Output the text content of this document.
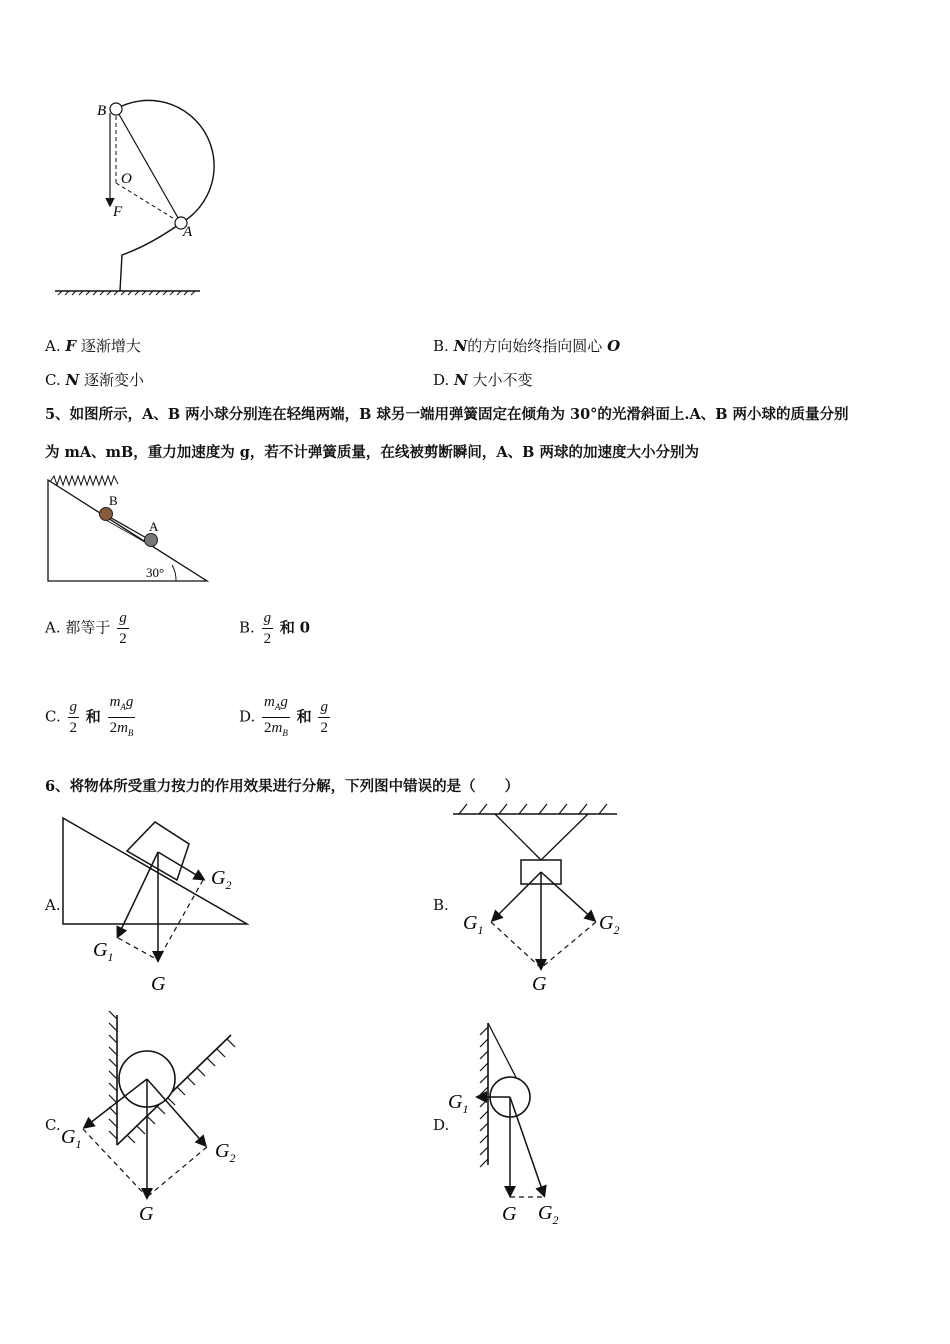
B
O
F
A
A. F 逐渐增大	B. N的方向始终指向圆心 O
C. N 逐渐变小	D. N 大小不变
5、如图所示，A、B 两小球分别连在轻绳两端，B 球另一端用弹簧固定在倾角为 30°的光滑斜面上.A、B 两小球的质量分别
为 mA、mB，重力加速度为 g，若不计弹簧质量，在线被剪断瞬间，A、B 两球的加速度大小分别为
B
A
30°
A. 都等于 $\frac{g}{2}$	B. $\frac{g}{2}$ 和 0
C. $\frac{g}{2}$ 和 $\frac{m_Ag}{2m_B}$	D. $\frac{m_Ag}{2m_B}$ 和 $\frac{g}{2}$
6、将物体所受重力按力的作用效果进行分解，下列图中错误的是（　　）
A.
$G_1$
G
$G_2$
B.
$G_1$
G
$G_2$
C.
$G_1$
G
$G_2$
D.
$G_1$
G $G_2$
